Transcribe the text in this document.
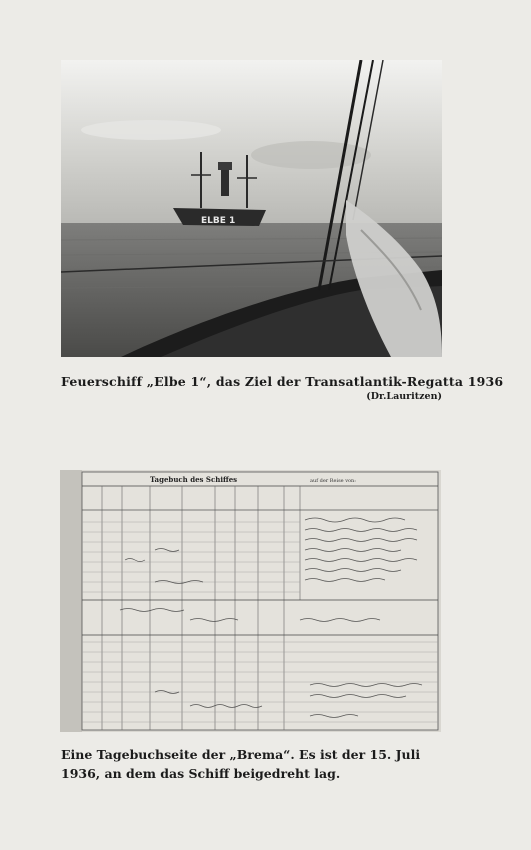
ELBE 1
Feuerschiff „Elbe 1“, das Ziel der Transatlantik-Regatta 1936
(Dr.Lauritzen)
Tagebuch des Schiffes	auf der Reise von:
Eine Tagebuchseite der „Brema“. Es ist der 15. Juli 1936, an dem das Schiff beigedreht lag.
